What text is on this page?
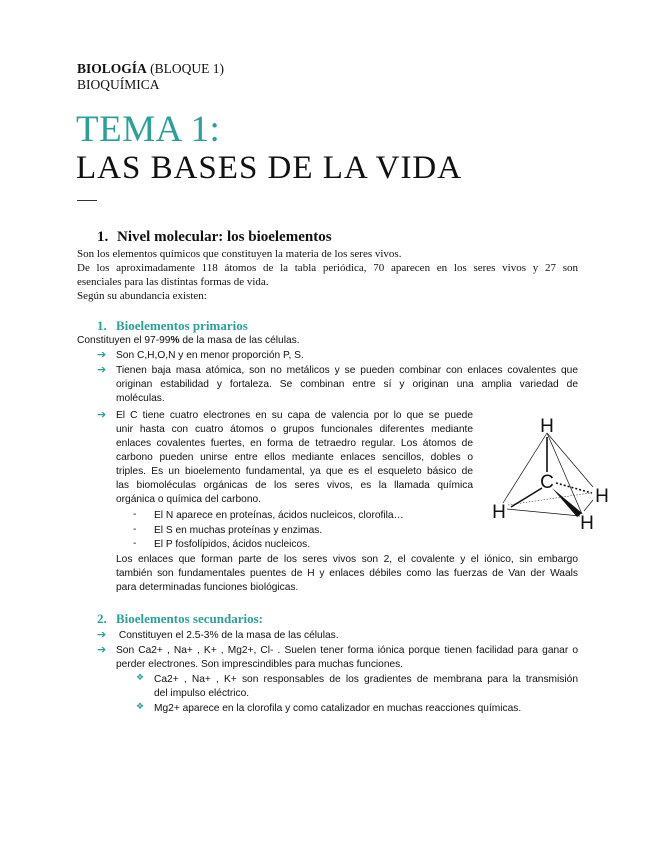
BIOLOGÍA (BLOQUE 1)
BIOQUÍMICA
TEMA 1:
LAS BASES DE LA VIDA
1. Nivel molecular: los bioelementos
Son los elementos químicos que constituyen la materia de los seres vivos.
De los aproximadamente 118 átomos de la tabla periódica, 70 aparecen en los seres vivos y 27 son
esenciales para las distintas formas de vida.
Según su abundancia existen:
1. Bioelementos primarios
Constituyen el 97-99% de la masa de las células.
➔ Son C,H,O,N y en menor proporción P, S.
➔ Tienen baja masa atómica, son no metálicos y se pueden combinar con enlaces covalentes que
originan estabilidad y fortaleza. Se combinan entre sí y originan una amplia variedad de
moléculas.
➔ El C tiene cuatro electrones en su capa de valencia por lo que se puede
unir hasta con cuatro átomos o grupos funcionales diferentes mediante
enlaces covalentes fuertes, en forma de tetraedro regular. Los átomos de
carbono pueden unirse entre ellos mediante enlaces sencillos, dobles o
triples. Es un bioelemento fundamental, ya que es el esqueleto básico de
las biomoléculas orgánicas de los seres vivos, es la llamada química
orgánica o química del carbono.
- El N aparece en proteínas, ácidos nucleicos, clorofila…
- El S en muchas proteínas y enzimas.
- El P fosfolípidos, ácidos nucleicos.
Los enlaces que forman parte de los seres vivos son 2, el covalente y el iónico, sin embargo
también son fundamentales puentes de H y enlaces débiles como las fuerzas de Van der Waals
para determinadas funciones biológicas.
H
C
H
H
H
2. Bioelementos secundarios:
➔ Constituyen el 2.5-3% de la masa de las células.
➔ Son Ca2+ , Na+ , K+ , Mg2+, Cl- . Suelen tener forma iónica porque tienen facilidad para ganar o
perder electrones. Son imprescindibles para muchas funciones.
❖ Ca2+ , Na+ , K+ son responsables de los gradientes de membrana para la transmisión
del impulso eléctrico.
❖ Mg2+ aparece en la clorofila y como catalizador en muchas reacciones químicas.
